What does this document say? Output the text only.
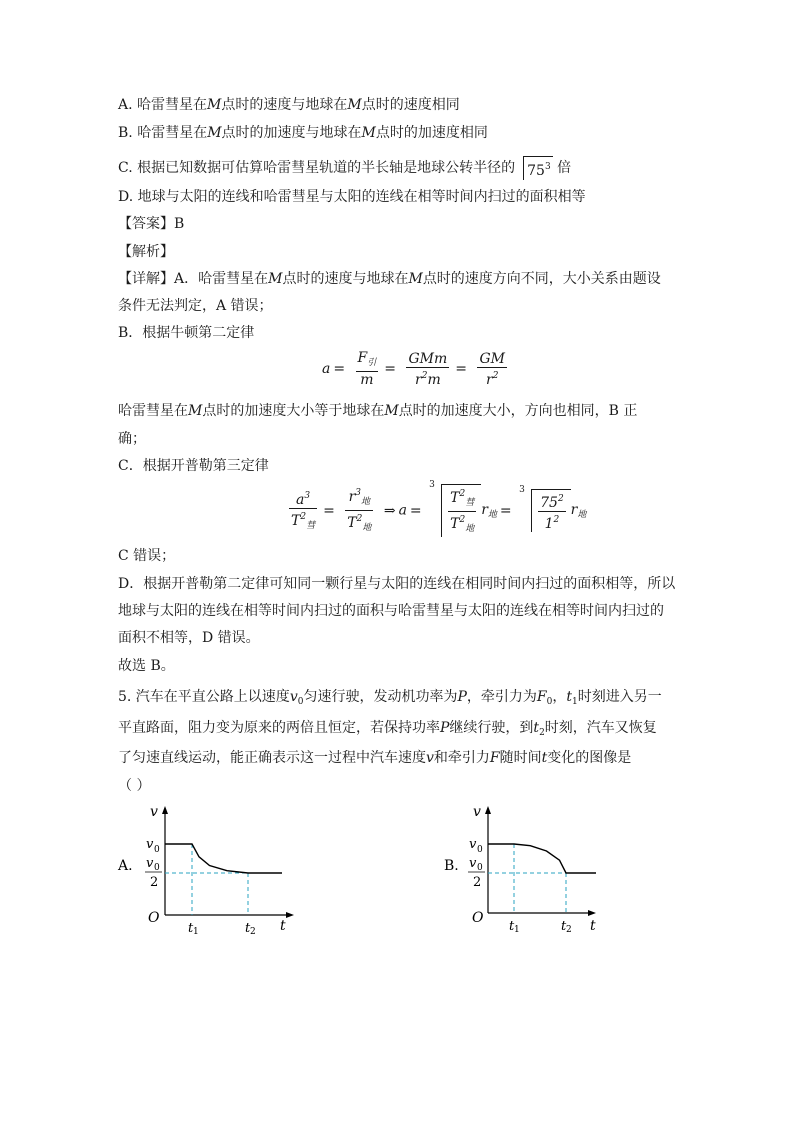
A. 哈雷彗星在M点时的速度与地球在M点时的速度相同
B. 哈雷彗星在M点时的加速度与地球在M点时的加速度相同
C. 根据已知数据可估算哈雷彗星轨道的半长轴是地球公转半径的 $75^3$ 倍
D. 地球与太阳的连线和哈雷彗星与太阳的连线在相等时间内扫过的面积相等
【答案】B
【解析】
【详解】A．哈雷彗星在M点时的速度与地球在M点时的速度方向不同，大小关系由题设
条件无法判定，A 错误；
B．根据牛顿第二定律
$a = \frac{F_引}{m} = \frac{\text{GMm}}{r^2m} = \frac{GM}{r^2}$
哈雷彗星在M点时的加速度大小等于地球在M点时的加速度大小，方向也相同，B 正
确；
C．根据开普勒第三定律
$\frac{a^3}{T^2_彗} = \frac{r^3_地}{T^2_地}$ ⇒ a =
3
$\frac{T^2_彗}{T^2_地} r_地$ =
3
$\frac{75^2}{1^2} r_地$
C 错误；
D．根据开普勒第二定律可知同一颗行星与太阳的连线在相同时间内扫过的面积相等，所以
地球与太阳的连线在相等时间内扫过的面积与哈雷彗星与太阳的连线在相等时间内扫过的
面积不相等，D 错误。
故选 B。
5. 汽车在平直公路上以速度$v_0$匀速行驶，发动机功率为P，牵引力为$F_0$，$t_1$时刻进入另一
平直路面，阻力变为原来的两倍且恒定，若保持功率P继续行驶，到$t_2$时刻，汽车又恢复
了匀速直线运动，能正确表示这一过程中汽车速度v和牵引力F随时间t变化的图像是
（ ）
A.
v
t
O
v 0
v 0
2
t 1	t 2
B.
v
t
O
v 0
v 0
2
t 1	t 2
